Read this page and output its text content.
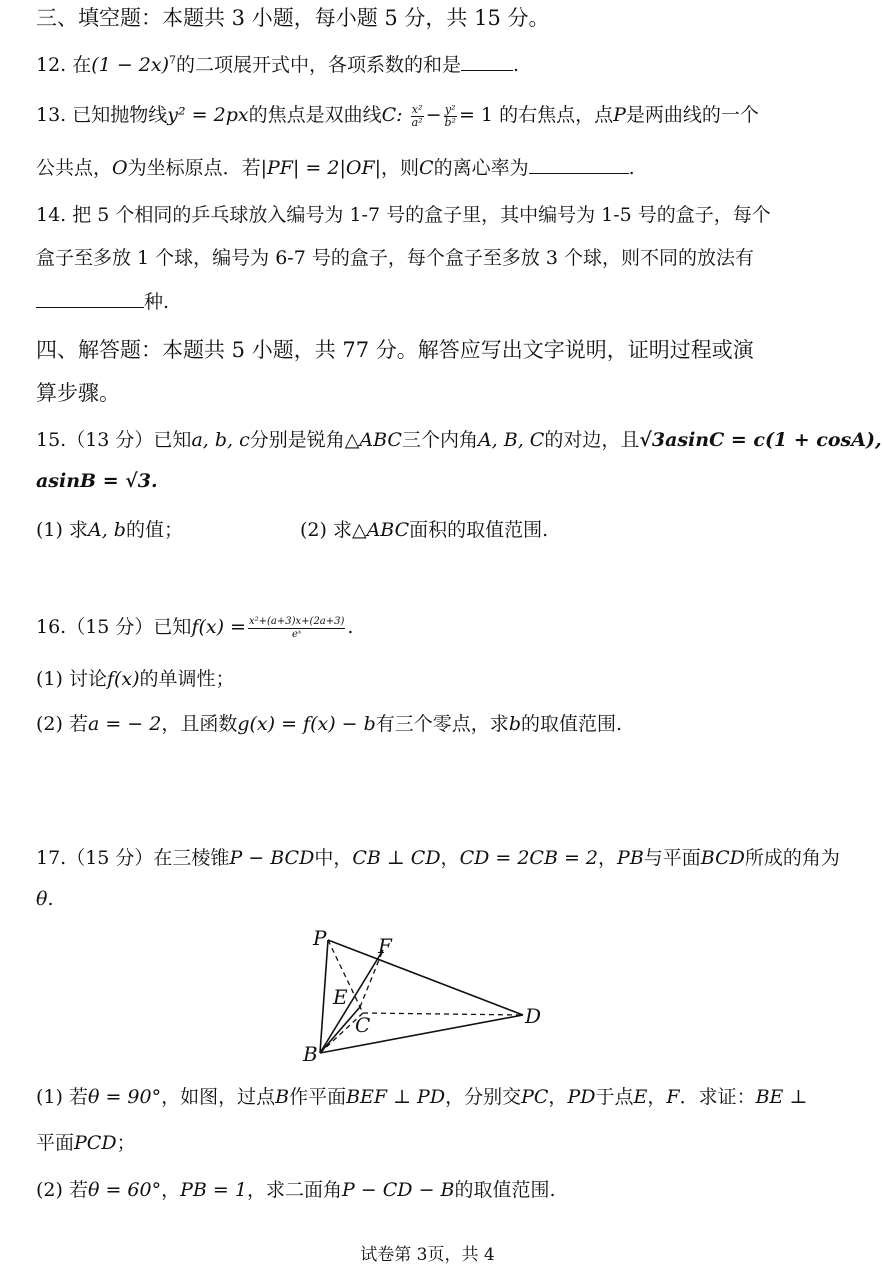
三、填空题：本题共 3 小题，每小题 5 分，共 15 分。
12. 在$(1 - 2x)^7$的二项展开式中，各项系数的和是	.
13. 已知抛物线y² = 2px的焦点是双曲线C: $\frac{\text{x²}}{\text{a²}} - \frac{\text{y²}}{\text{b²}} = 1$ 的右焦点，点P是两曲线的一个
公共点，O为坐标原点．若|PF| = 2|OF|，则C的离心率为	.
14. 把 5 个相同的乒乓球放入编号为 1-7 号的盒子里，其中编号为 1-5 号的盒子，每个
盒子至多放 1 个球，编号为 6-7 号的盒子，每个盒子至多放 3 个球，则不同的放法有
种.
四、解答题：本题共 5 小题，共 77 分。解答应写出文字说明，证明过程或演
算步骤。
15.（13 分）已知a, b, c分别是锐角△ABC三个内角A, B, C的对边，且√3asinC = c(1 + cosA),
asinB = √3.
(1) 求A, b的值；	(2) 求△ABC面积的取值范围.
16.（15 分）已知$f(x) = \frac{\text{x²+(a+3)x+(2a+3)}}{\text{eˣ}}$ .
(1) 讨论f(x)的单调性；
(2) 若a = − 2，且函数g(x) = f(x) − b有三个零点，求b的取值范围.
17.（15 分）在三棱锥P − BCD中，CB ⊥ CD，CD = 2CB = 2，PB与平面BCD所成的角为
θ.
P	F
E
C	D
B
(1) 若θ = 90°，如图，过点B作平面BEF ⊥ PD，分别交PC，PD于点E，F．求证：BE ⊥
平面PCD；
(2) 若θ = 60°，PB = 1，求二面角P − CD − B的取值范围.
试卷第 3页，共 4
